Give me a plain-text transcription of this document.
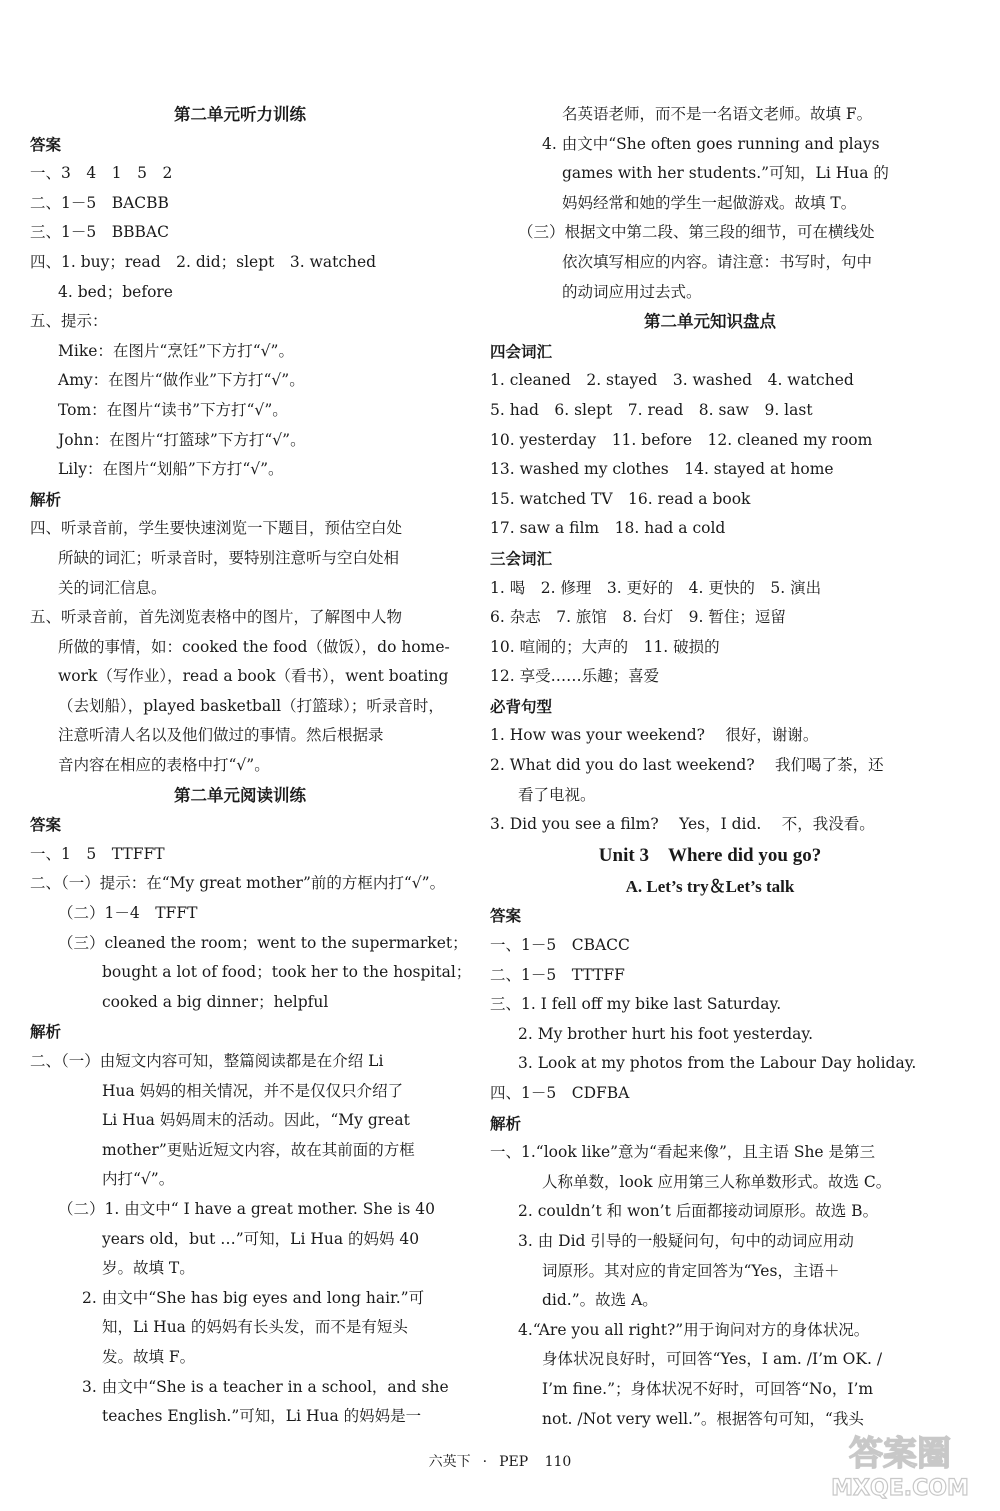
第二单元听力训练
答案
一、3　4　1　5　2
二、1－5　BACBB
三、1－5　BBBAC
四、1. buy；read　2. did；slept　3. watched
4. bed；before
五、提示：
Mike：在图片“烹饪”下方打“√”。
Amy：在图片“做作业”下方打“√”。
Tom：在图片“读书”下方打“√”。
John：在图片“打篮球”下方打“√”。
Lily：在图片“划船”下方打“√”。
解析
四、听录音前，学生要快速浏览一下题目，预估空白处
所缺的词汇；听录音时，要特别注意听与空白处相
关的词汇信息。
五、听录音前，首先浏览表格中的图片，了解图中人物
所做的事情，如：cooked the food（做饭），do home-
work（写作业），read a book（看书），went boating
（去划船），played basketball（打篮球）；听录音时，
注意听清人名以及他们做过的事情。然后根据录
音内容在相应的表格中打“√”。
第二单元阅读训练
答案
一、1　5　TTFFT
二、（一）提示：在“My great mother”前的方框内打“√”。
（二）1－4　TFFT
（三）cleaned the room；went to the supermarket；
bought a lot of food；took her to the hospital；
cooked a big dinner；helpful
解析
二、（一）由短文内容可知，整篇阅读都是在介绍 Li
Hua 妈妈的相关情况，并不是仅仅只介绍了
Li Hua 妈妈周末的活动。因此，“My great
mother”更贴近短文内容，故在其前面的方框
内打“√”。
（二）1. 由文中“ I have a great mother. She is 40
years old，but …”可知，Li Hua 的妈妈 40
岁。故填 T。
2. 由文中“She has big eyes and long hair.”可
知，Li Hua 的妈妈有长头发，而不是有短头
发。故填 F。
3. 由文中“She is a teacher in a school，and she
teaches English.”可知，Li Hua 的妈妈是一
名英语老师，而不是一名语文老师。故填 F。
4. 由文中“She often goes running and plays
games with her students.”可知，Li Hua 的
妈妈经常和她的学生一起做游戏。故填 T。
（三）根据文中第二段、第三段的细节，可在横线处
依次填写相应的内容。请注意：书写时，句中
的动词应用过去式。
第二单元知识盘点
四会词汇
1. cleaned　2. stayed　3. washed　4. watched
5. had　6. slept　7. read　8. saw　9. last
10. yesterday　11. before　12. cleaned my room
13. washed my clothes　14. stayed at home
15. watched TV　16. read a book
17. saw a film　18. had a cold
三会词汇
1. 喝　2. 修理　3. 更好的　4. 更快的　5. 演出
6. 杂志　7. 旅馆　8. 台灯　9. 暂住；逗留
10. 喧闹的；大声的　11. 破损的
12. 享受……乐趣；喜爱
必背句型
1. How was your weekend?　 很好，谢谢。
2. What did you do last weekend?　 我们喝了茶，还
看了电视。
3. Did you see a film?　 Yes，I did.　 不，我没看。
Unit 3　Where did you go?
A. Let’s try＆Let’s talk
答案
一、1－5　CBACC
二、1－5　TTTFF
三、1. I fell off my bike last Saturday.
2. My brother hurt his foot yesterday.
3. Look at my photos from the Labour Day holiday.
四、1－5　CDFBA
解析
一、1.“look like”意为“看起来像”，且主语 She 是第三
人称单数，look 应用第三人称单数形式。故选 C。
2. couldn’t 和 won’t 后面都接动词原形。故选 B。
3. 由 Did 引导的一般疑问句，句中的动词应用动
词原形。其对应的肯定回答为“Yes，主语＋
did.”。故选 A。
4.“Are you all right?”用于询问对方的身体状况。
身体状况良好时，可回答“Yes，I am. /I’m OK. /
I’m fine.”；身体状况不好时，可回答“No，I’m
not. /Not very well.”。根据答句可知，“我头
六英下 · PEP 110	答案圈
MXQE.COM
